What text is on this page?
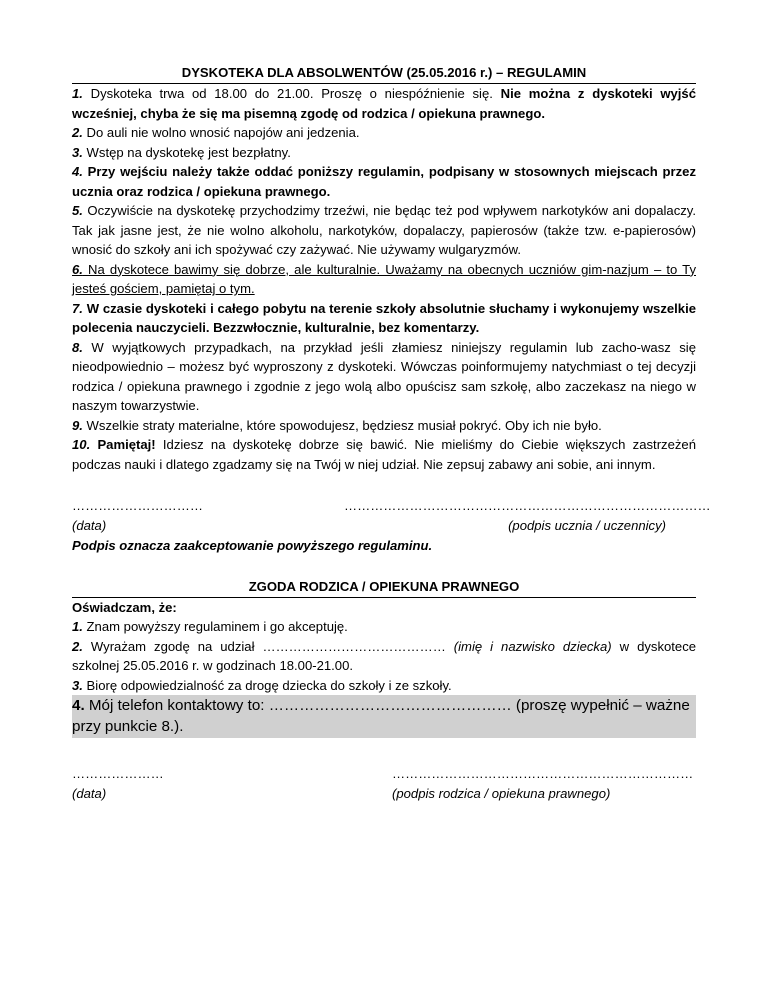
DYSKOTEKA DLA ABSOLWENTÓW (25.05.2016 r.) – REGULAMIN

1. Dyskoteka trwa od 18.00 do 21.00. Proszę o niespóźnienie się. Nie można z dyskoteki wyjść wcześniej, chyba że się ma pisemną zgodę od rodzica / opiekuna prawnego.

2. Do auli nie wolno wnosić napojów ani jedzenia.

3. Wstęp na dyskotekę jest bezpłatny.

4. Przy wejściu należy także oddać poniższy regulamin, podpisany w stosownych miejscach przez ucznia oraz rodzica / opiekuna prawnego.

5. Oczywiście na dyskotekę przychodzimy trzeźwi, nie będąc też pod wpływem narkotyków ani dopalaczy. Tak jak jasne jest, że nie wolno alkoholu, narkotyków, dopalaczy, papierosów (także tzw. e-papierosów) wnosić do szkoły ani ich spożywać czy zażywać. Nie używamy wulgaryzmów.

6. Na dyskotece bawimy się dobrze, ale kulturalnie. Uważamy na obecnych uczniów gim-nazjum – to Ty jesteś gościem, pamiętaj o tym.

7. W czasie dyskoteki i całego pobytu na terenie szkoły absolutnie słuchamy i wykonujemy wszelkie polecenia nauczycieli. Bezzwłocznie, kulturalnie, bez komentarzy.

8. W wyjątkowych przypadkach, na przykład jeśli złamiesz niniejszy regulamin lub zacho-wasz się nieodpowiednio – możesz być wyproszony z dyskoteki. Wówczas poinformujemy natychmiast o tej decyzji rodzica / opiekuna prawnego i zgodnie z jego wolą albo opuścisz sam szkołę, albo zaczekasz na niego w naszym towarzystwie.

9. Wszelkie straty materialne, które spowodujesz, będziesz musiał pokryć. Oby ich nie było.

10. Pamiętaj! Idziesz na dyskotekę dobrze się bawić. Nie mieliśmy do Ciebie większych zastrzeżeń podczas nauki i dlatego zgadzamy się na Twój w niej udział. Nie zepsuj zabawy ani sobie, ani innym.

…………………………	…………………………………………………………………………
(data)	(podpis ucznia / uczennicy)

Podpis oznacza zaakceptowanie powyższego regulaminu.

ZGODA RODZICA / OPIEKUNA PRAWNEGO

Oświadczam, że:

1. Znam powyższy regulaminem i go akceptuję.

2. Wyrażam zgodę na udział …………………………………… (imię i nazwisko dziecka) w dyskotece szkolnej 25.05.2016 r. w godzinach 18.00-21.00.

3. Biorę odpowiedzialność za drogę dziecka do szkoły i ze szkoły.

4. Mój telefon kontaktowy to: ………………………………………… (proszę wypełnić – ważne przy punkcie 8.).

…………………	……………………………………………………………
(data)	(podpis rodzica / opiekuna prawnego)
